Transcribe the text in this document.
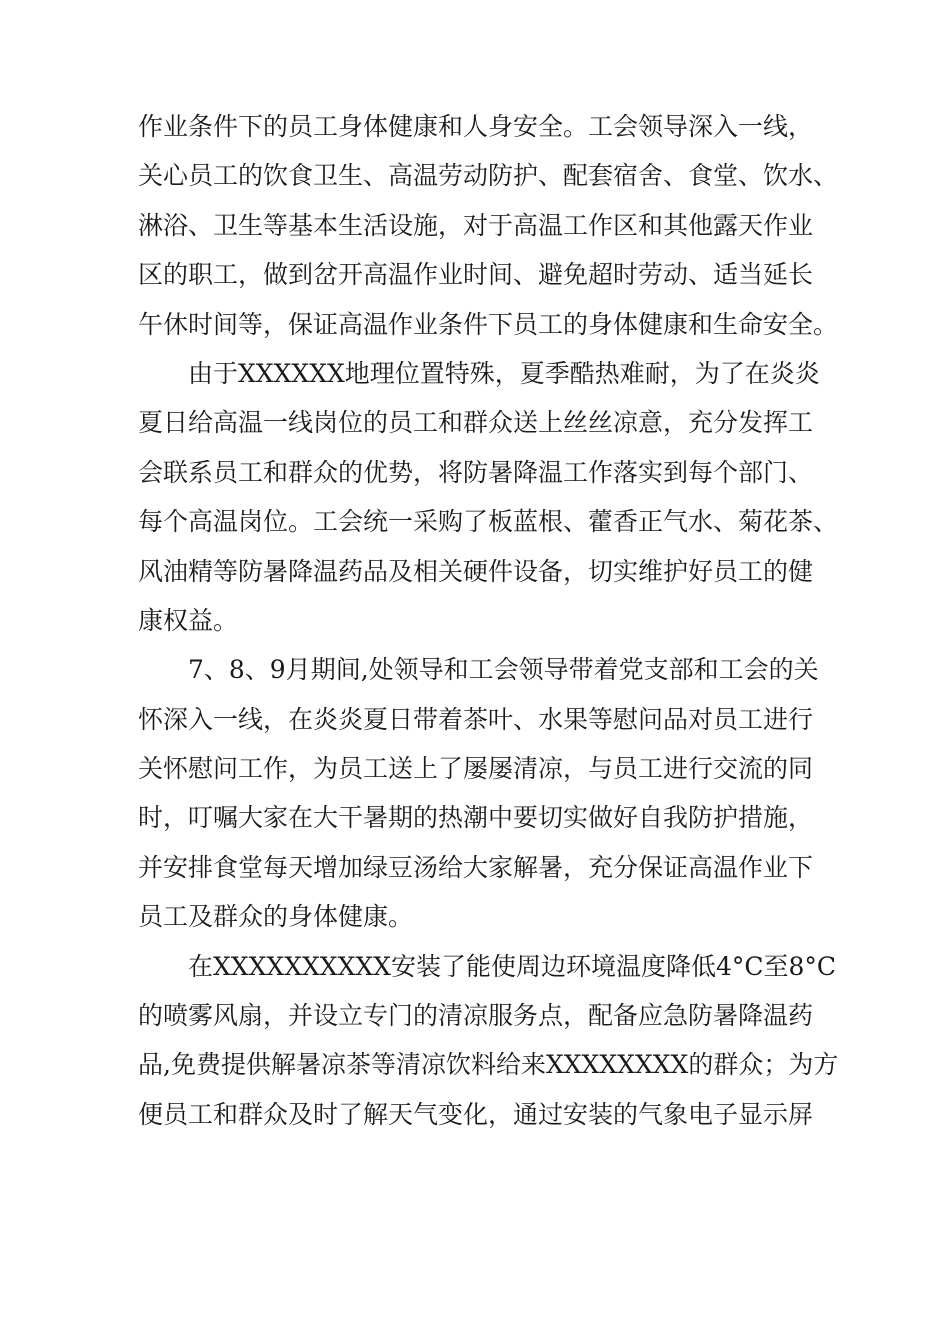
作业条件下的员工身体健康和人身安全。工会领导深入一线，
关心员工的饮食卫生、高温劳动防护、配套宿舍、食堂、饮水、
淋浴、卫生等基本生活设施，对于高温工作区和其他露天作业
区的职工，做到岔开高温作业时间、避免超时劳动、适当延长
午休时间等，保证高温作业条件下员工的身体健康和生命安全。
由于XXXXXX地理位置特殊，夏季酷热难耐，为了在炎炎
夏日给高温一线岗位的员工和群众送上丝丝凉意，充分发挥工
会联系员工和群众的优势，将防暑降温工作落实到每个部门、
每个高温岗位。工会统一采购了板蓝根、藿香正气水、菊花茶、
风油精等防暑降温药品及相关硬件设备，切实维护好员工的健
康权益。
7、8、9月期间,处领导和工会领导带着党支部和工会的关
怀深入一线，在炎炎夏日带着茶叶、水果等慰问品对员工进行
关怀慰问工作，为员工送上了屡屡清凉，与员工进行交流的同
时，叮嘱大家在大干暑期的热潮中要切实做好自我防护措施，
并安排食堂每天增加绿豆汤给大家解暑，充分保证高温作业下
员工及群众的身体健康。
在XXXXXXXXXX安装了能使周边环境温度降低4°C至8°C
的喷雾风扇，并设立专门的清凉服务点，配备应急防暑降温药
品,免费提供解暑凉茶等清凉饮料给来XXXXXXXX的群众；为方
便员工和群众及时了解天气变化，通过安装的气象电子显示屏
